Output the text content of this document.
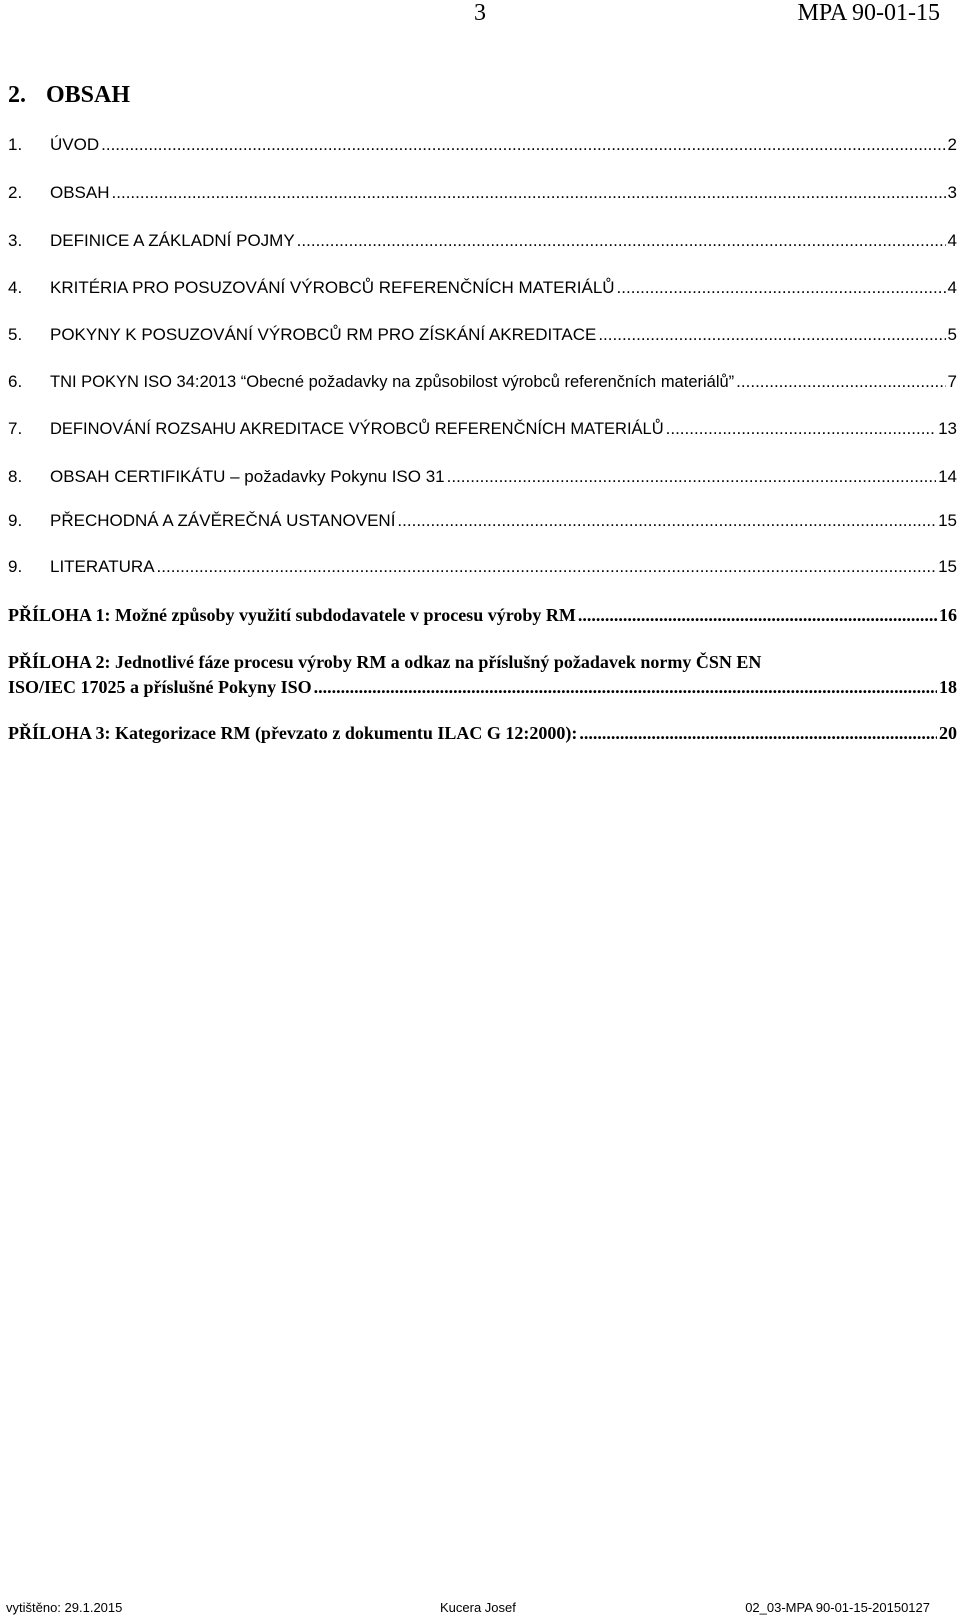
3	MPA 90-01-15
2. OBSAH
1.	ÚVOD .....	2
2.	OBSAH .....	3
3.	DEFINICE A ZÁKLADNÍ POJMY .....	4
4.	KRITÉRIA PRO POSUZOVÁNÍ VÝROBCŮ REFERENČNÍCH MATERIÁLŮ .....	4
5.	POKYNY K POSUZOVÁNÍ VÝROBCŮ RM PRO ZÍSKÁNÍ AKREDITACE .....	5
6.	TNI POKYN ISO 34:2013 “Obecné požadavky na způsobilost výrobců referenčních materiálů” .....	7
7.	DEFINOVÁNÍ ROZSAHU AKREDITACE VÝROBCŮ REFERENČNÍCH MATERIÁLŮ .....	13
8.	OBSAH CERTIFIKÁTU – požadavky Pokynu ISO 31 .....	14
9.	PŘECHODNÁ A ZÁVĚREČNÁ USTANOVENÍ .....	15
9.	LITERATURA .....	15
PŘÍLOHA 1: Možné způsoby využití subdodavatele v procesu výroby RM .....	16
PŘÍLOHA 2: Jednotlivé fáze procesu výroby RM a odkaz na příslušný požadavek normy ČSN EN
ISO/IEC 17025 a příslušné Pokyny ISO .....	18
PŘÍLOHA 3: Kategorizace RM (převzato z dokumentu ILAC G 12:2000): .....	20
vytištěno: 29.1.2015	Kucera Josef	02_03-MPA 90-01-15-20150127
